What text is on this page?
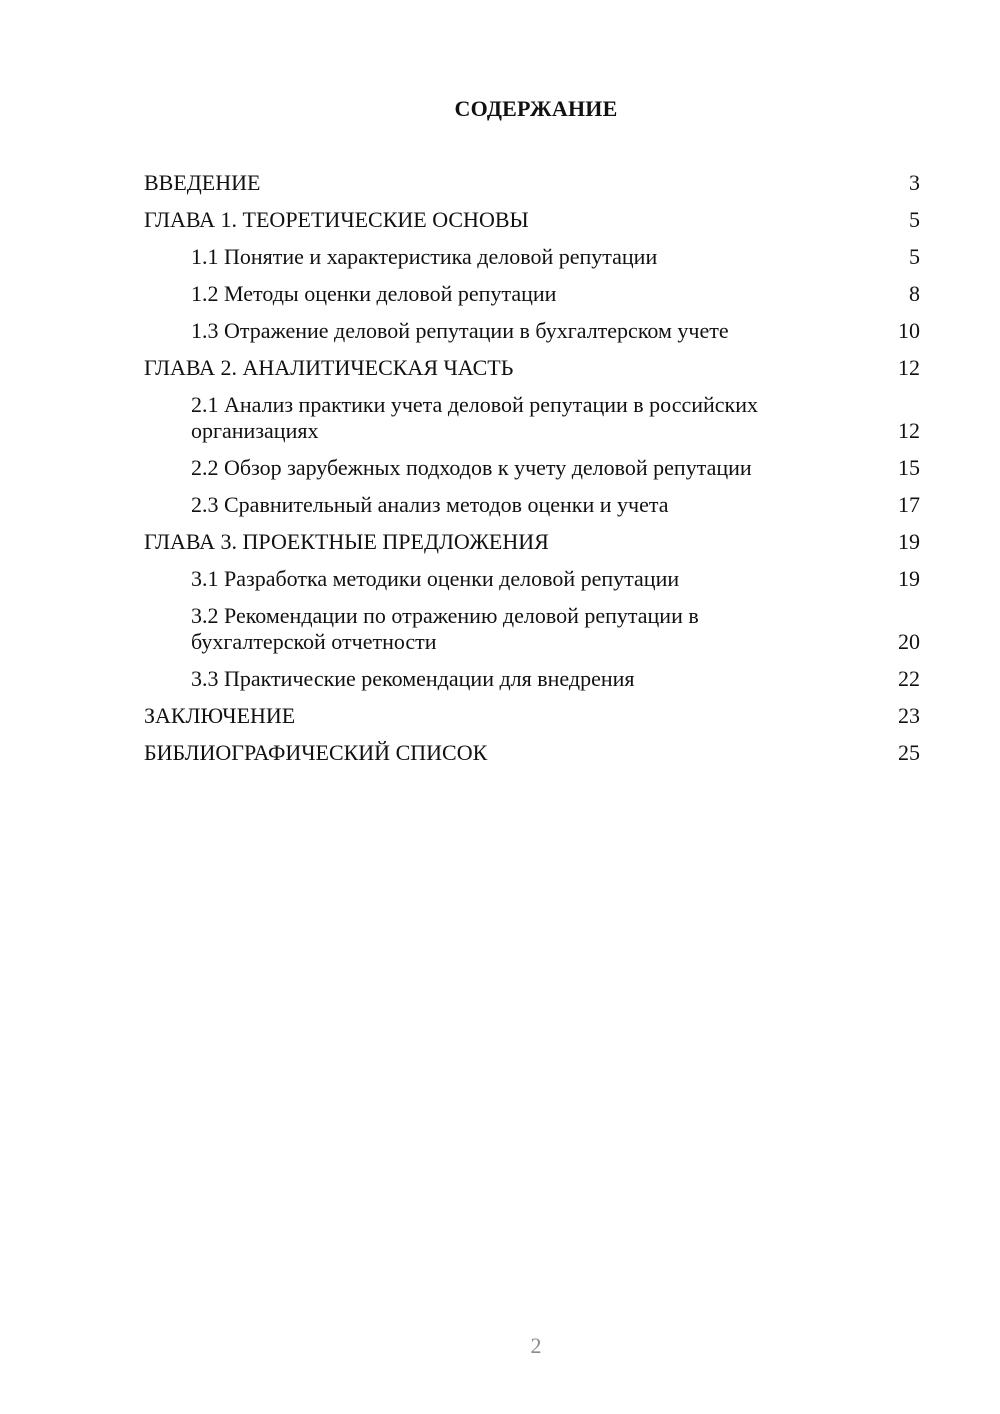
СОДЕРЖАНИЕ
ВВЕДЕНИЕ	3
ГЛАВА 1. ТЕОРЕТИЧЕСКИЕ ОСНОВЫ	5
1.1 Понятие и характеристика деловой репутации	5
1.2 Методы оценки деловой репутации	8
1.3 Отражение деловой репутации в бухгалтерском учете	10
ГЛАВА 2. АНАЛИТИЧЕСКАЯ ЧАСТЬ	12
2.1 Анализ практики учета деловой репутации в российских организациях	12
2.2 Обзор зарубежных подходов к учету деловой репутации	15
2.3 Сравнительный анализ методов оценки и учета	17
ГЛАВА 3. ПРОЕКТНЫЕ ПРЕДЛОЖЕНИЯ	19
3.1 Разработка методики оценки деловой репутации	19
3.2 Рекомендации по отражению деловой репутации в бухгалтерской отчетности	20
3.3 Практические рекомендации для внедрения	22
ЗАКЛЮЧЕНИЕ	23
БИБЛИОГРАФИЧЕСКИЙ СПИСОК	25
2
